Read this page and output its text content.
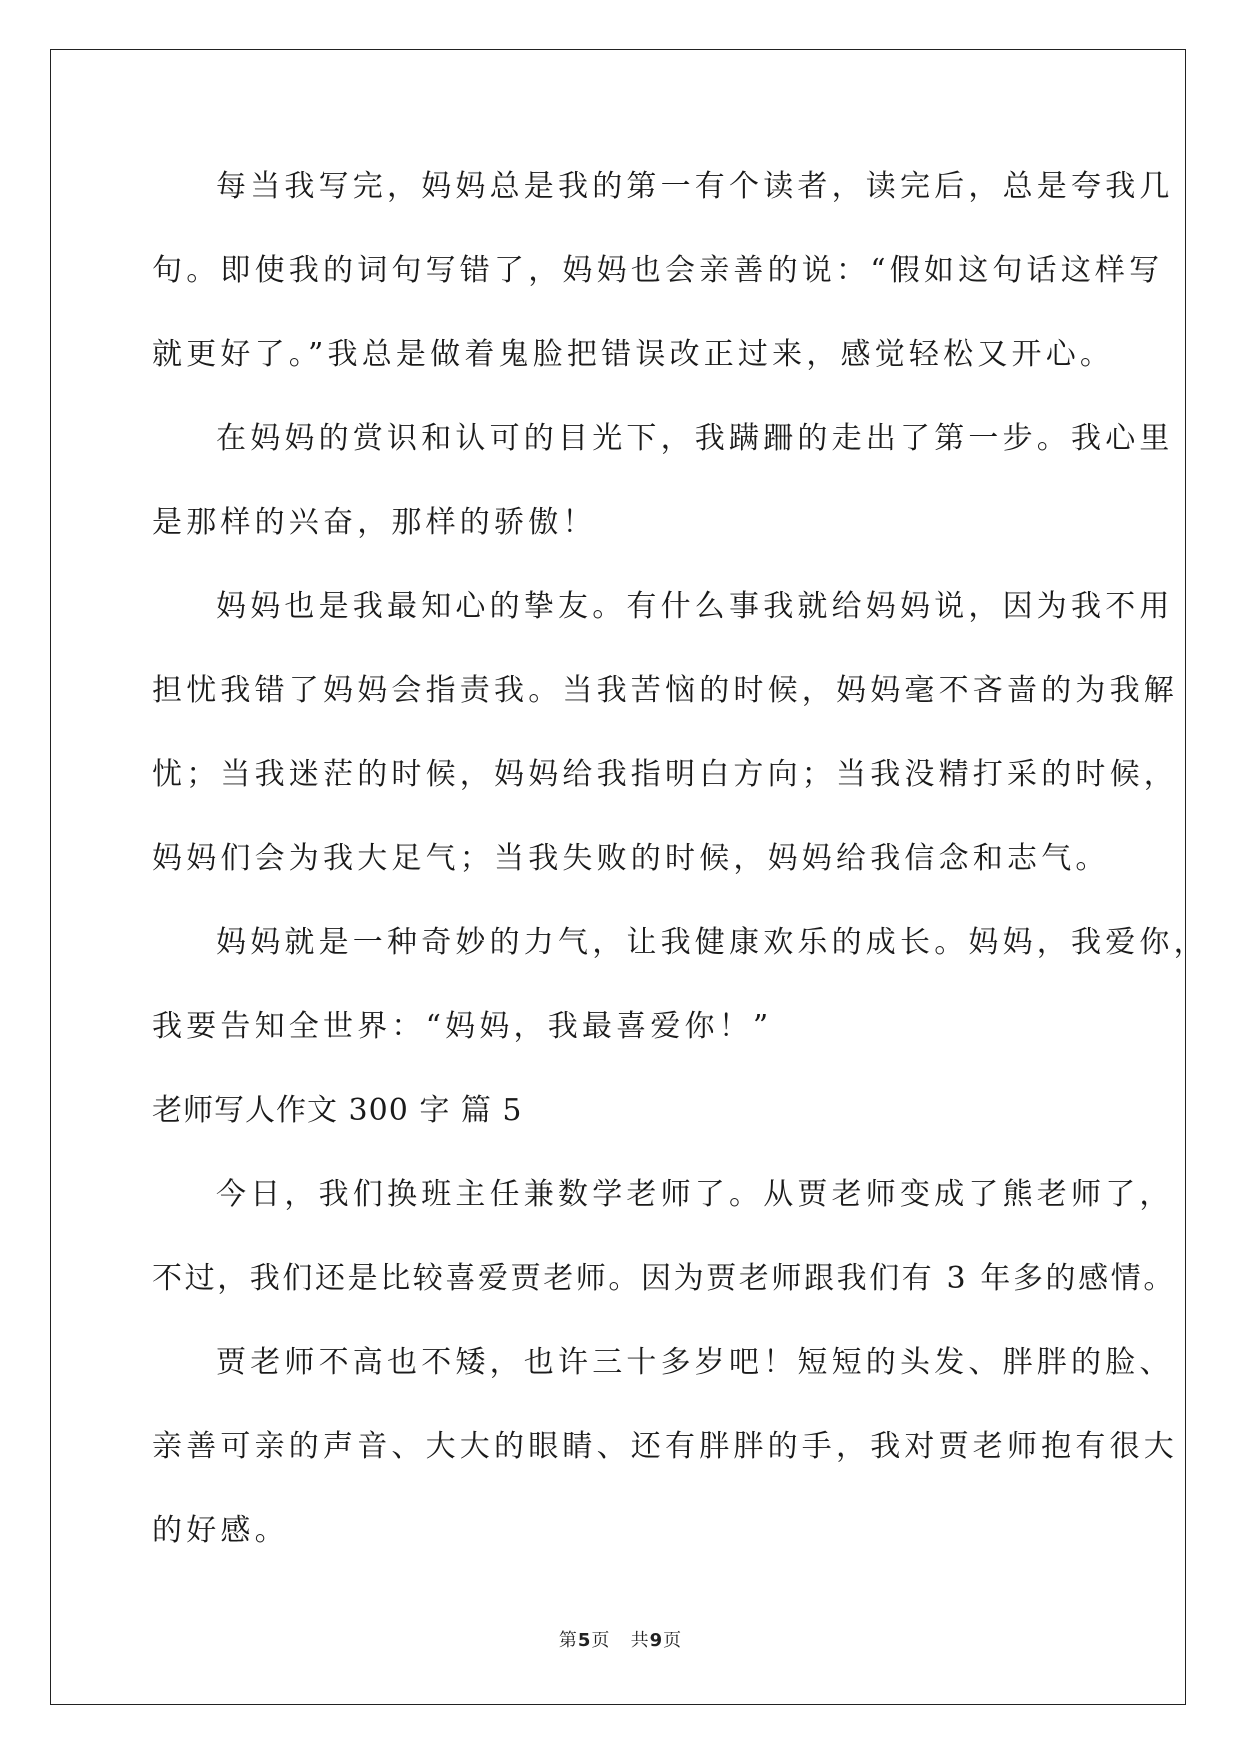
每当我写完，妈妈总是我的第一有个读者，读完后，总是夸我几
句。即使我的词句写错了，妈妈也会亲善的说：“假如这句话这样写
就更好了。”我总是做着鬼脸把错误改正过来，感觉轻松又开心。
在妈妈的赏识和认可的目光下，我蹒跚的走出了第一步。我心里
是那样的兴奋，那样的骄傲！
妈妈也是我最知心的挚友。有什么事我就给妈妈说，因为我不用
担忧我错了妈妈会指责我。当我苦恼的时候，妈妈毫不吝啬的为我解
忧；当我迷茫的时候，妈妈给我指明白方向；当我没精打采的时候，
妈妈们会为我大足气；当我失败的时候，妈妈给我信念和志气。
妈妈就是一种奇妙的力气，让我健康欢乐的成长。妈妈，我爱你，
我要告知全世界：“妈妈，我最喜爱你！”
老师写人作文 300 字 篇 5
今日，我们换班主任兼数学老师了。从贾老师变成了熊老师了，
不过，我们还是比较喜爱贾老师。因为贾老师跟我们有 3 年多的感情。
贾老师不高也不矮，也许三十多岁吧！短短的头发、胖胖的脸、
亲善可亲的声音、大大的眼睛、还有胖胖的手，我对贾老师抱有很大
的好感。
第5页 共9页
